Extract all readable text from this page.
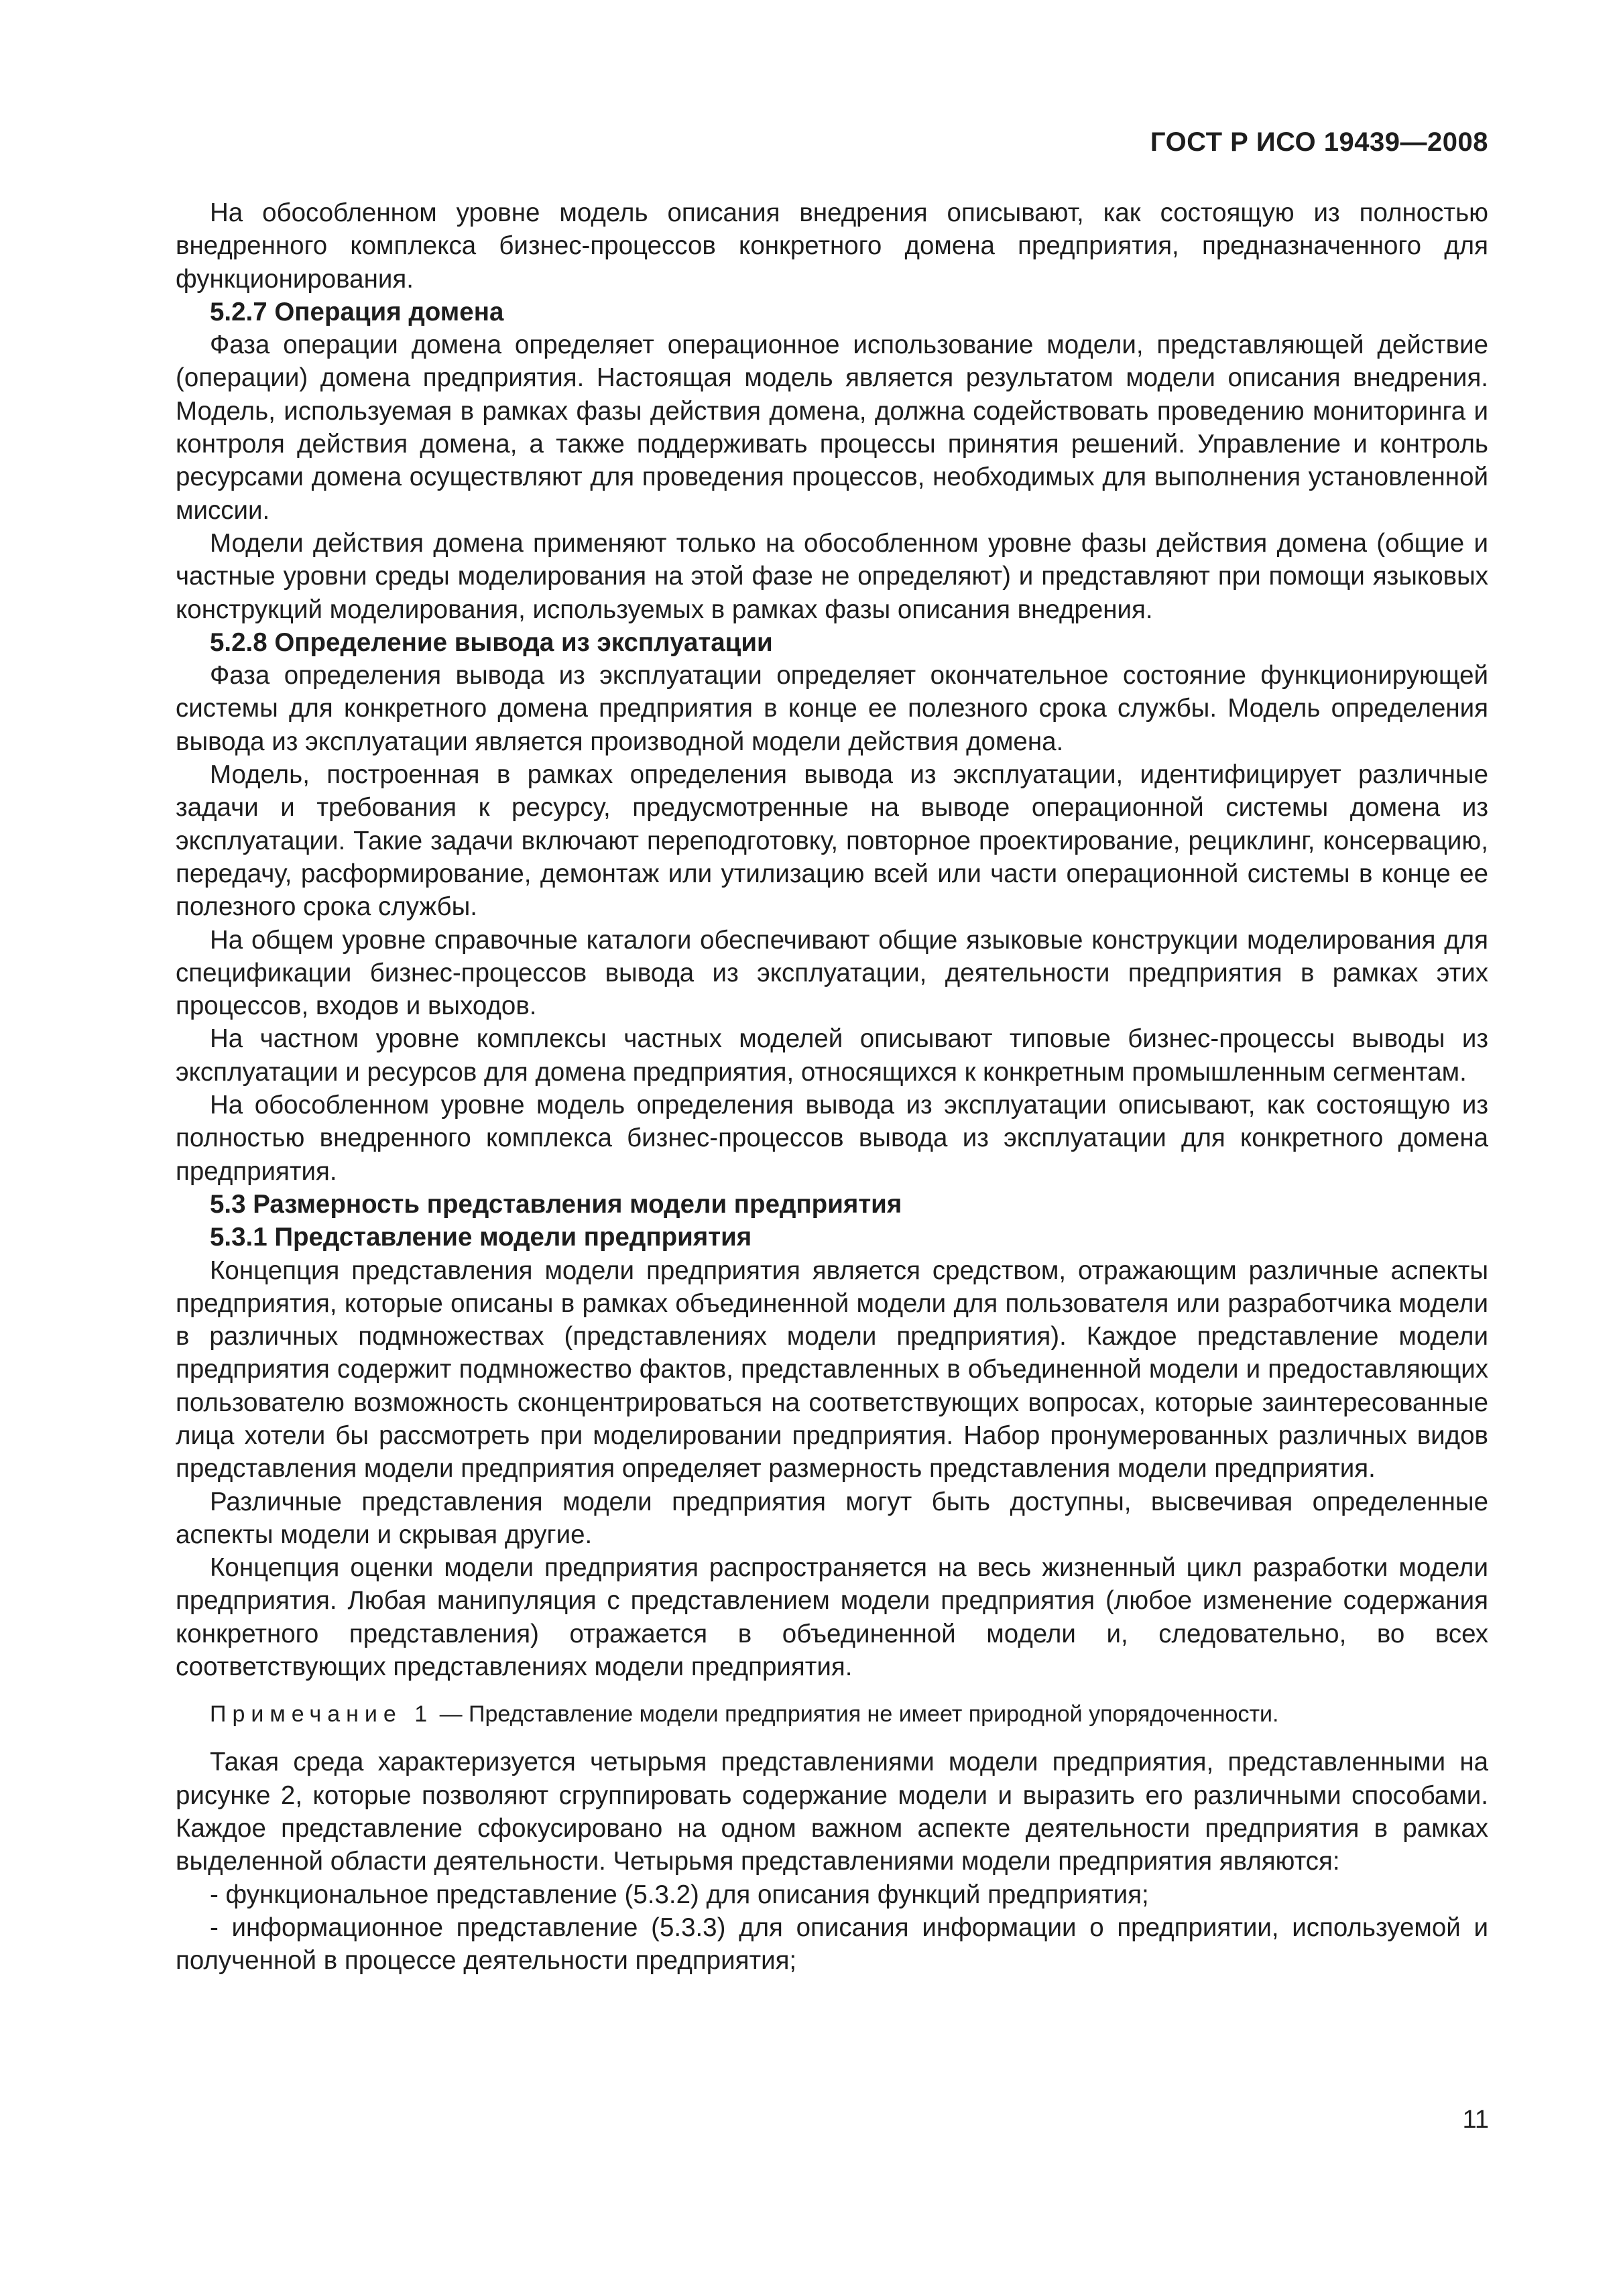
ГОСТ Р ИСО 19439—2008

На обособленном уровне модель описания внедрения описывают, как состоящую из полностью внедренного комплекса бизнес-процессов конкретного домена предприятия, предназначенного для функционирования.

5.2.7 Операция домена

Фаза операции домена определяет операционное использование модели, представляющей действие (операции) домена предприятия. Настоящая модель является результатом модели описания внедрения. Модель, используемая в рамках фазы действия домена, должна содействовать проведению мониторинга и контроля действия домена, а также поддерживать процессы принятия решений. Управление и контроль ресурсами домена осуществляют для проведения процессов, необходимых для выполнения установленной миссии.

Модели действия домена применяют только на обособленном уровне фазы действия домена (общие и частные уровни среды моделирования на этой фазе не определяют) и представляют при помощи языковых конструкций моделирования, используемых в рамках фазы описания внедрения.

5.2.8 Определение вывода из эксплуатации

Фаза определения вывода из эксплуатации определяет окончательное состояние функционирующей системы для конкретного домена предприятия в конце ее полезного срока службы. Модель определения вывода из эксплуатации является производной модели действия домена.

Модель, построенная в рамках определения вывода из эксплуатации, идентифицирует различные задачи и требования к ресурсу, предусмотренные на выводе операционной системы домена из эксплуатации. Такие задачи включают переподготовку, повторное проектирование, рециклинг, консервацию, передачу, расформирование, демонтаж или утилизацию всей или части операционной системы в конце ее полезного срока службы.

На общем уровне справочные каталоги обеспечивают общие языковые конструкции моделирования для спецификации бизнес-процессов вывода из эксплуатации, деятельности предприятия в рамках этих процессов, входов и выходов.

На частном уровне комплексы частных моделей описывают типовые бизнес-процессы выводы из эксплуатации и ресурсов для домена предприятия, относящихся к конкретным промышленным сегментам.

На обособленном уровне модель определения вывода из эксплуатации описывают, как состоящую из полностью внедренного комплекса бизнес-процессов вывода из эксплуатации для конкретного домена предприятия.

5.3 Размерность представления модели предприятия
5.3.1 Представление модели предприятия

Концепция представления модели предприятия является средством, отражающим различные аспекты предприятия, которые описаны в рамках объединенной модели для пользователя или разработчика модели в различных подмножествах (представлениях модели предприятия). Каждое представление модели предприятия содержит подмножество фактов, представленных в объединенной модели и предоставляющих пользователю возможность сконцентрироваться на соответствующих вопросах, которые заинтересованные лица хотели бы рассмотреть при моделировании предприятия. Набор пронумерованных различных видов представления модели предприятия определяет размерность представления модели предприятия.

Различные представления модели предприятия могут быть доступны, высвечивая определенные аспекты модели и скрывая другие.

Концепция оценки модели предприятия распространяется на весь жизненный цикл разработки модели предприятия. Любая манипуляция с представлением модели предприятия (любое изменение содержания конкретного представления) отражается в объединенной модели и, следовательно, во всех соответствующих представлениях модели предприятия.

Примечание 1 — Представление модели предприятия не имеет природной упорядоченности.

Такая среда характеризуется четырьмя представлениями модели предприятия, представленными на рисунке 2, которые позволяют сгруппировать содержание модели и выразить его различными способами. Каждое представление сфокусировано на одном важном аспекте деятельности предприятия в рамках выделенной области деятельности. Четырьмя представлениями модели предприятия являются:

- функциональное представление (5.3.2) для описания функций предприятия;

- информационное представление (5.3.3) для описания информации о предприятии, используемой и полученной в процессе деятельности предприятия;

11
